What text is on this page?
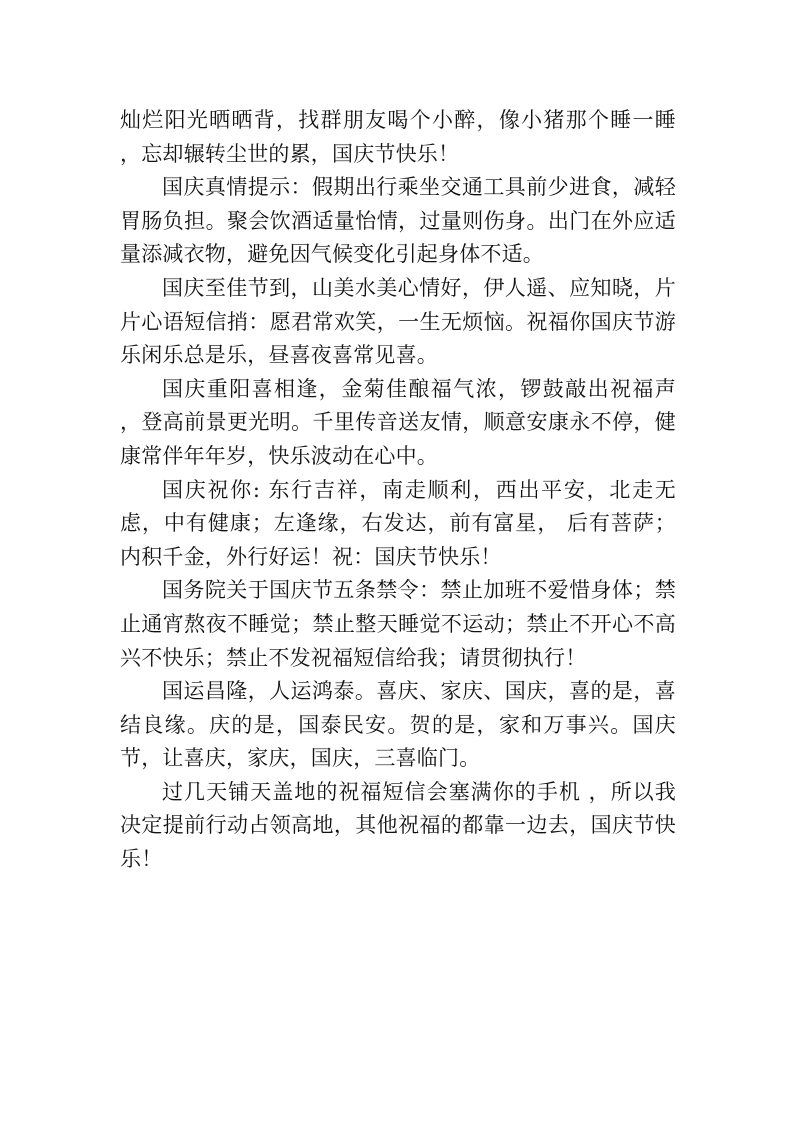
灿烂阳光晒晒背，找群朋友喝个小醉，像小猪那个睡一睡 ，忘却辗转尘世的累，国庆节快乐！

国庆真情提示：假期出行乘坐交通工具前少进食，减轻胃肠负担。聚会饮酒适量怡情，过量则伤身。出门在外应适量添减衣物，避免因气候变化引起身体不适。

国庆至佳节到，山美水美心情好，伊人遥、应知晓，片片心语短信捎：愿君常欢笑，一生无烦恼。祝福你国庆节游乐闲乐总是乐，昼喜夜喜常见喜。

国庆重阳喜相逢，金菊佳酿福气浓，锣鼓敲出祝福声 ，登高前景更光明。千里传音送友情，顺意安康永不停，健康常伴年年岁，快乐波动在心中。

国庆祝你: 东行吉祥，南走顺利，西出平安，北走无虑，中有健康；左逢缘，右发达，前有富星， 后有菩萨；内积千金，外行好运！祝：国庆节快乐！

国务院关于国庆节五条禁令：禁止加班不爱惜身体；禁止通宵熬夜不睡觉；禁止整天睡觉不运动；禁止不开心不高兴不快乐；禁止不发祝福短信给我；请贯彻执行！

国运昌隆，人运鸿泰。喜庆、家庆、国庆，喜的是，喜结良缘。庆的是，国泰民安。贺的是，家和万事兴。国庆节，让喜庆，家庆，国庆，三喜临门。

过几天铺天盖地的祝福短信会塞满你的手机 ，所以我决定提前行动占领高地，其他祝福的都靠一边去，国庆节快乐！
